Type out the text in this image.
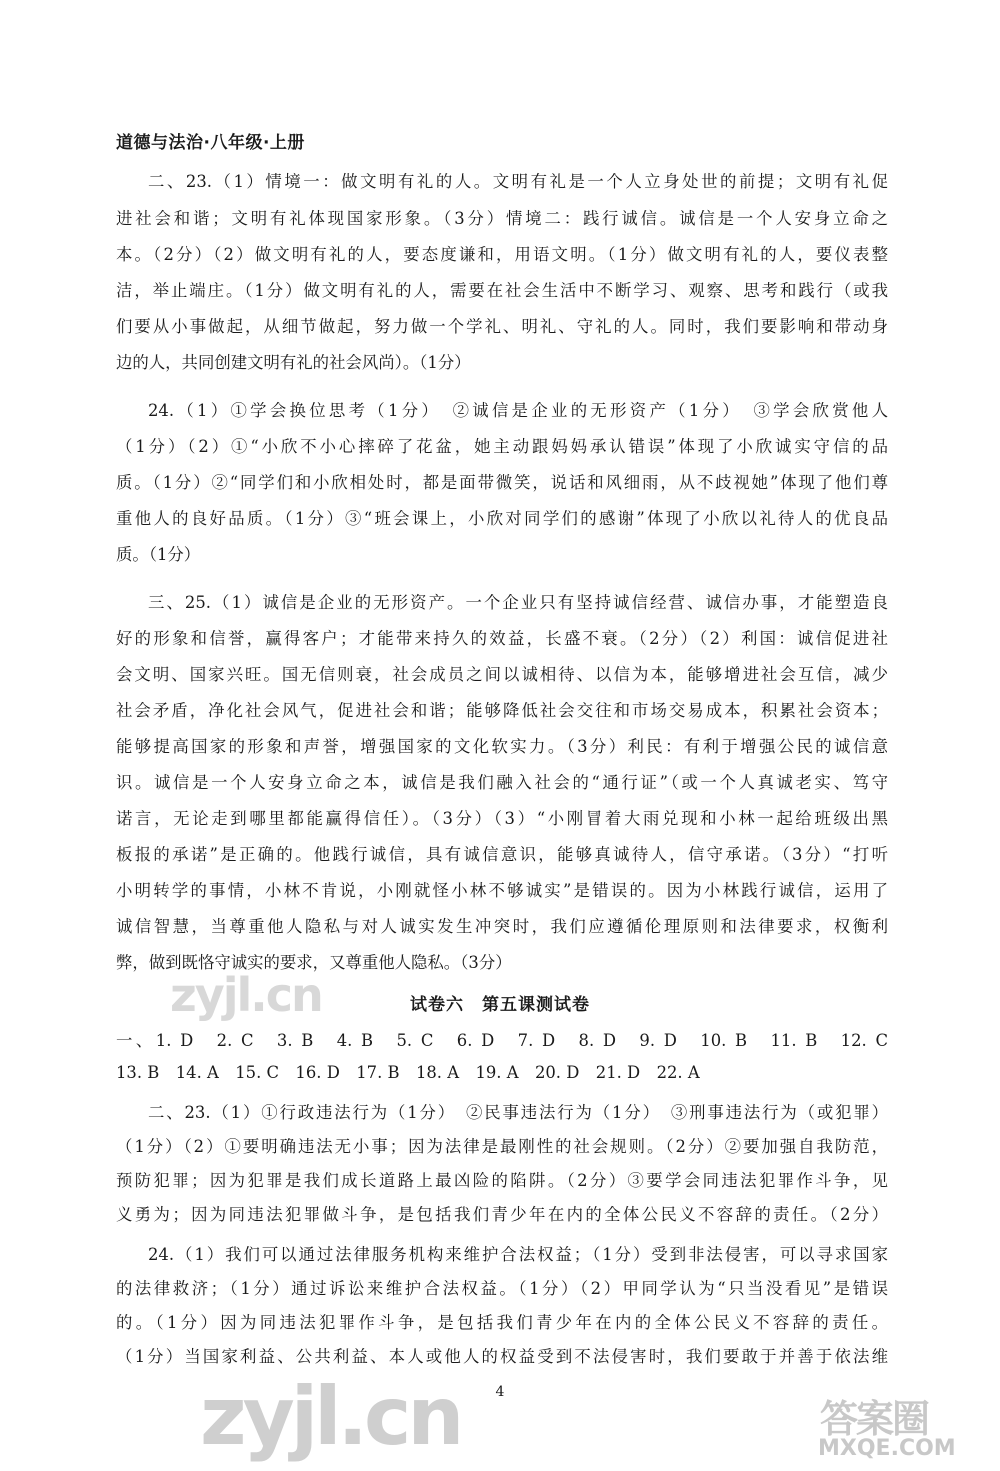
道德与法治·八年级·上册
二、23.（1）情境一：做文明有礼的人。文明有礼是一个人立身处世的前提；文明有礼促
进社会和谐；文明有礼体现国家形象。（3分）情境二：践行诚信。诚信是一个人安身立命之
本。（2分）（2）做文明有礼的人，要态度谦和，用语文明。（1分）做文明有礼的人，要仪表整
洁，举止端庄。（1分）做文明有礼的人，需要在社会生活中不断学习、观察、思考和践行（或我
们要从小事做起，从细节做起，努力做一个学礼、明礼、守礼的人。同时，我们要影响和带动身
边的人，共同创建文明有礼的社会风尚）。（1分）
24.（1）①学会换位思考（1分）　②诚信是企业的无形资产（1分）　③学会欣赏他人
（1分）（2）①“小欣不小心摔碎了花盆，她主动跟妈妈承认错误”体现了小欣诚实守信的品
质。（1分）②“同学们和小欣相处时，都是面带微笑，说话和风细雨，从不歧视她”体现了他们尊
重他人的良好品质。（1分）③“班会课上，小欣对同学们的感谢”体现了小欣以礼待人的优良品
质。（1分）
三、25.（1）诚信是企业的无形资产。一个企业只有坚持诚信经营、诚信办事，才能塑造良
好的形象和信誉，赢得客户；才能带来持久的效益，长盛不衰。（2分）（2）利国：诚信促进社
会文明、国家兴旺。国无信则衰，社会成员之间以诚相待、以信为本，能够增进社会互信，减少
社会矛盾，净化社会风气，促进社会和谐；能够降低社会交往和市场交易成本，积累社会资本；
能够提高国家的形象和声誉，增强国家的文化软实力。（3分）利民：有利于增强公民的诚信意
识。诚信是一个人安身立命之本，诚信是我们融入社会的“通行证”（或一个人真诚老实、笃守
诺言，无论走到哪里都能赢得信任）。（3分）（3）“小刚冒着大雨兑现和小林一起给班级出黑
板报的承诺”是正确的。他践行诚信，具有诚信意识，能够真诚待人，信守承诺。（3分）“打听
小明转学的事情，小林不肯说，小刚就怪小林不够诚实”是错误的。因为小林践行诚信，运用了
诚信智慧，当尊重他人隐私与对人诚实发生冲突时，我们应遵循伦理原则和法律要求，权衡利
弊，做到既恪守诚实的要求，又尊重他人隐私。（3分）
试卷六　第五课测试卷
一、1. D　2. C　3. B　4. B　5. C　6. D　7. D　8. D　9. D　10. B　11. B　12. C
13. B　14. A　15. C　16. D　17. B　18. A　19. A　20. D　21. D　22. A
二、23.（1）①行政违法行为（1分）　②民事违法行为（1分）　③刑事违法行为（或犯罪）
（1分）（2）①要明确违法无小事；因为法律是最刚性的社会规则。（2分）②要加强自我防范，
预防犯罪；因为犯罪是我们成长道路上最凶险的陷阱。（2分）③要学会同违法犯罪作斗争，见
义勇为；因为同违法犯罪做斗争，是包括我们青少年在内的全体公民义不容辞的责任。（2分）
24.（1）我们可以通过法律服务机构来维护合法权益；（1分）受到非法侵害，可以寻求国家
的法律救济；（1分）通过诉讼来维护合法权益。（1分）（2）甲同学认为“只当没看见”是错误
的。（1分）因为同违法犯罪作斗争，是包括我们青少年在内的全体公民义不容辞的责任。
（1分）当国家利益、公共利益、本人或他人的权益受到不法侵害时，我们要敢于并善于依法维
4
zyjl.cn
zyjl.cn	答案圈
MXQE.COM
